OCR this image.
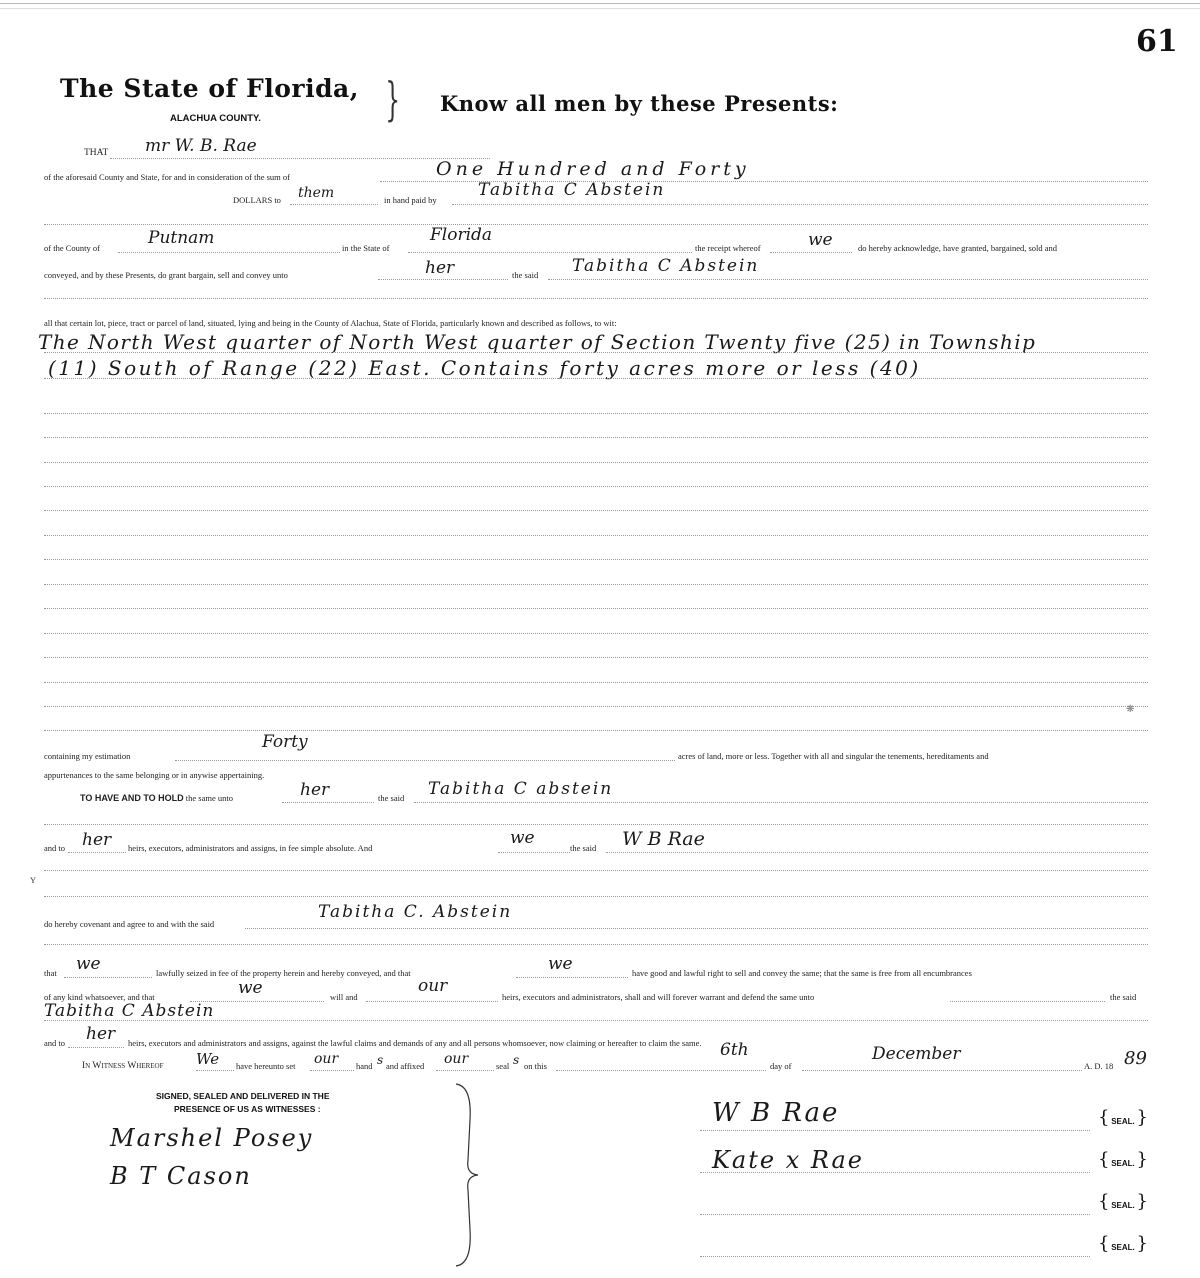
61
The State of Florida,
ALACHUA COUNTY.	} Know all men by these Presents:
THAT mr W. B. Rae
of the aforesaid County and State, for and in consideration of the sum of	One Hundred and Forty
DOLLARS to them	in hand paid by Tabitha C Abstein
of the County of	Putnam	in the State of
Florida
the receipt whereof	we	do hereby acknowledge, have granted, bargained, sold and
conveyed, and by these Presents, do grant bargain, sell and convey unto	her	the said Tabitha C Abstein
all that certain lot, piece, tract or parcel of land, situated, lying and being in the County of Alachua, State of Florida, particularly known and described as follows, to wit:
The North West quarter of North West quarter of Section Twenty five (25) in Township
(11) South of Range (22) East. Contains forty acres more or less (40)
containing my estimation
Forty
acres of land, more or less. Together with all and singular the tenements, hereditaments and
appurtenances to the same belonging or in anywise appertaining.
TO HAVE AND TO HOLD the same unto	her	the said Tabitha C abstein
and to her heirs, executors, administrators and assigns, in fee simple absolute. And	we	the said W B Rae
ʏ
do hereby covenant and agree to and with the said
Tabitha C. Abstein
that we	lawfully seized in fee of the property herein and hereby conveyed, and that	we	have good and lawful right to sell and convey the same; that the same is free from all encumbrances
of any kind whatsoever, and that	we	will and
our
heirs, executors and administrators, shall and will forever warrant and defend the same unto	the said
Tabitha C Abstein
and to her heirs, executors and administrators and assigns, against the lawful claims and demands of any and all persons whomsoever, now claiming or hereafter to claim the same.
In Witness Whereof We have hereunto set our hand s and affixed our	seal s on this
6th
day of
December
A. D. 18 89
SIGNED, SEALED AND DELIVERED IN THE
PRESENCE OF US AS WITNESSES :
Marshel Posey
B T Cason
W B Rae
Kate x Rae
{ SEAL. }
{ SEAL. }
{ SEAL. }
{ SEAL. }
❋
